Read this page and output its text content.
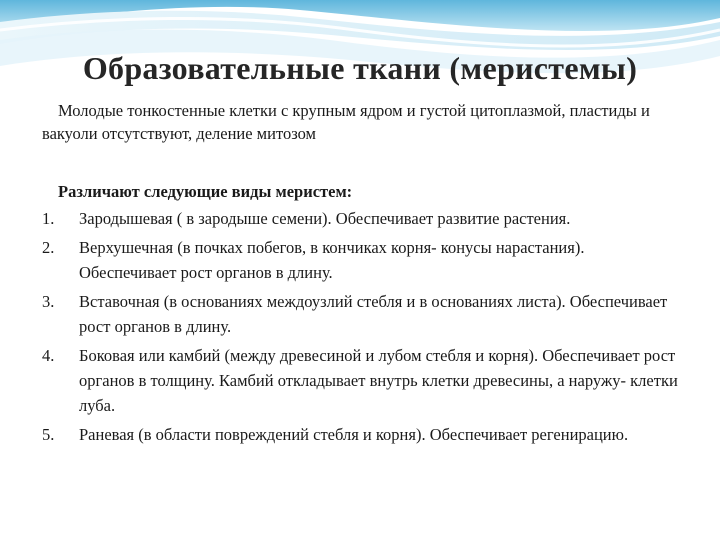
Образовательные ткани (меристемы)
Молодые тонкостенные клетки с крупным ядром и густой цитоплазмой, пластиды и вакуоли отсутствуют, деление митозом
Различают следующие виды меристем:
1.	Зародышевая ( в зародыше семени). Обеспечивает развитие растения.
2.	Верхушечная (в почках побегов, в кончиках корня- конусы нарастания). Обеспечивает рост органов в длину.
3.	Вставочная (в основаниях междоузлий стебля и в основаниях листа). Обеспечивает рост органов в длину.
4.	Боковая или камбий (между древесиной и лубом стебля и корня). Обеспечивает рост органов в толщину. Камбий откладывает внутрь клетки древесины, а наружу- клетки луба.
5.	Раневая (в области повреждений стебля и корня). Обеспечивает регенирацию.
